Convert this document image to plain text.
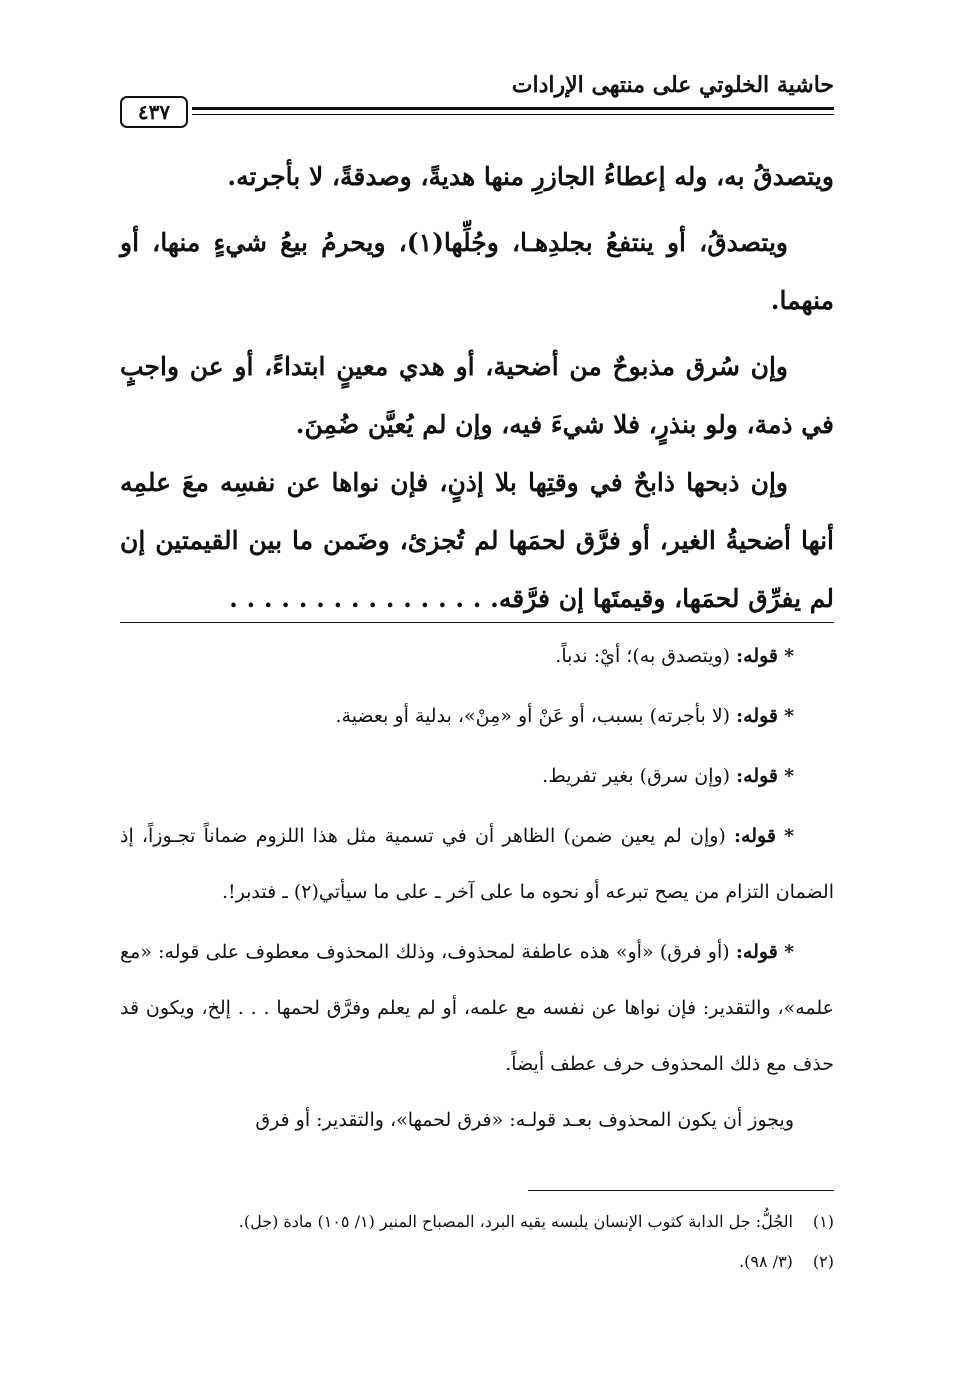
حاشية الخلوتي على منتهى الإرادات
٤٣٧

ويتصدقُ به، وله إعطاءُ الجازرِ منها هديةً، وصدقةً، لا بأجرته.

ويتصدقُ، أو ينتفعُ بجلدِهـا، وجُلِّها(١)، ويحرمُ بيعُ شيءٍ منها، أو منهما.

وإن سُرق مذبوحٌ من أضحية، أو هدي معينٍ ابتداءً، أو عن واجبٍ في ذمة، ولو بنذرٍ، فلا شيءَ فيه، وإن لم يُعيَّن ضُمِنَ.

وإن ذبحها ذابحٌ في وقتِها بلا إذنٍ، فإن نواها عن نفسِه معَ علمِه أنها أضحيةُ الغير، أو فرَّق لحمَها لم تُجزئ، وضَمن ما بين القيمتين إن لم يفرِّق لحمَها، وقيمتَها إن فرَّقه. . . . . . . . . . . . . . . .

* قوله: (ويتصدق به)؛ أيْ: ندباً.

* قوله: (لا بأجرته) بسبب، أو عَنْ أو «مِنْ»، بدلية أو بعضية.

* قوله: (وإن سرق) بغير تفريط.

* قوله: (وإن لم يعين ضمن) الظاهر أن في تسمية مثل هذا اللزوم ضماناً تجـوزاً، إذ الضمان التزام من يصح تبرعه أو نحوه ما على آخر ـ على ما سيأتي(٢) ـ فتدبر!.

* قوله: (أو فرق) «أو» هذه عاطفة لمحذوف، وذلك المحذوف معطوف على قوله: «مع علمه»، والتقدير: فإن نواها عن نفسه مع علمه، أو لم يعلم وفرَّق لحمها . . . إلخ، ويكون قد حذف مع ذلك المحذوف حرف عطف أيضاً.

ويجوز أن يكون المحذوف بعـد قولـه: «فرق لحمها»، والتقدير: أو فرق

(١) الجُلُّ: جل الدابة كثوب الإنسان يلبسه يقيه البرد، المصباح المنير (١/ ١٠٥) مادة (جل).

(٢) (٣/ ٩٨).
